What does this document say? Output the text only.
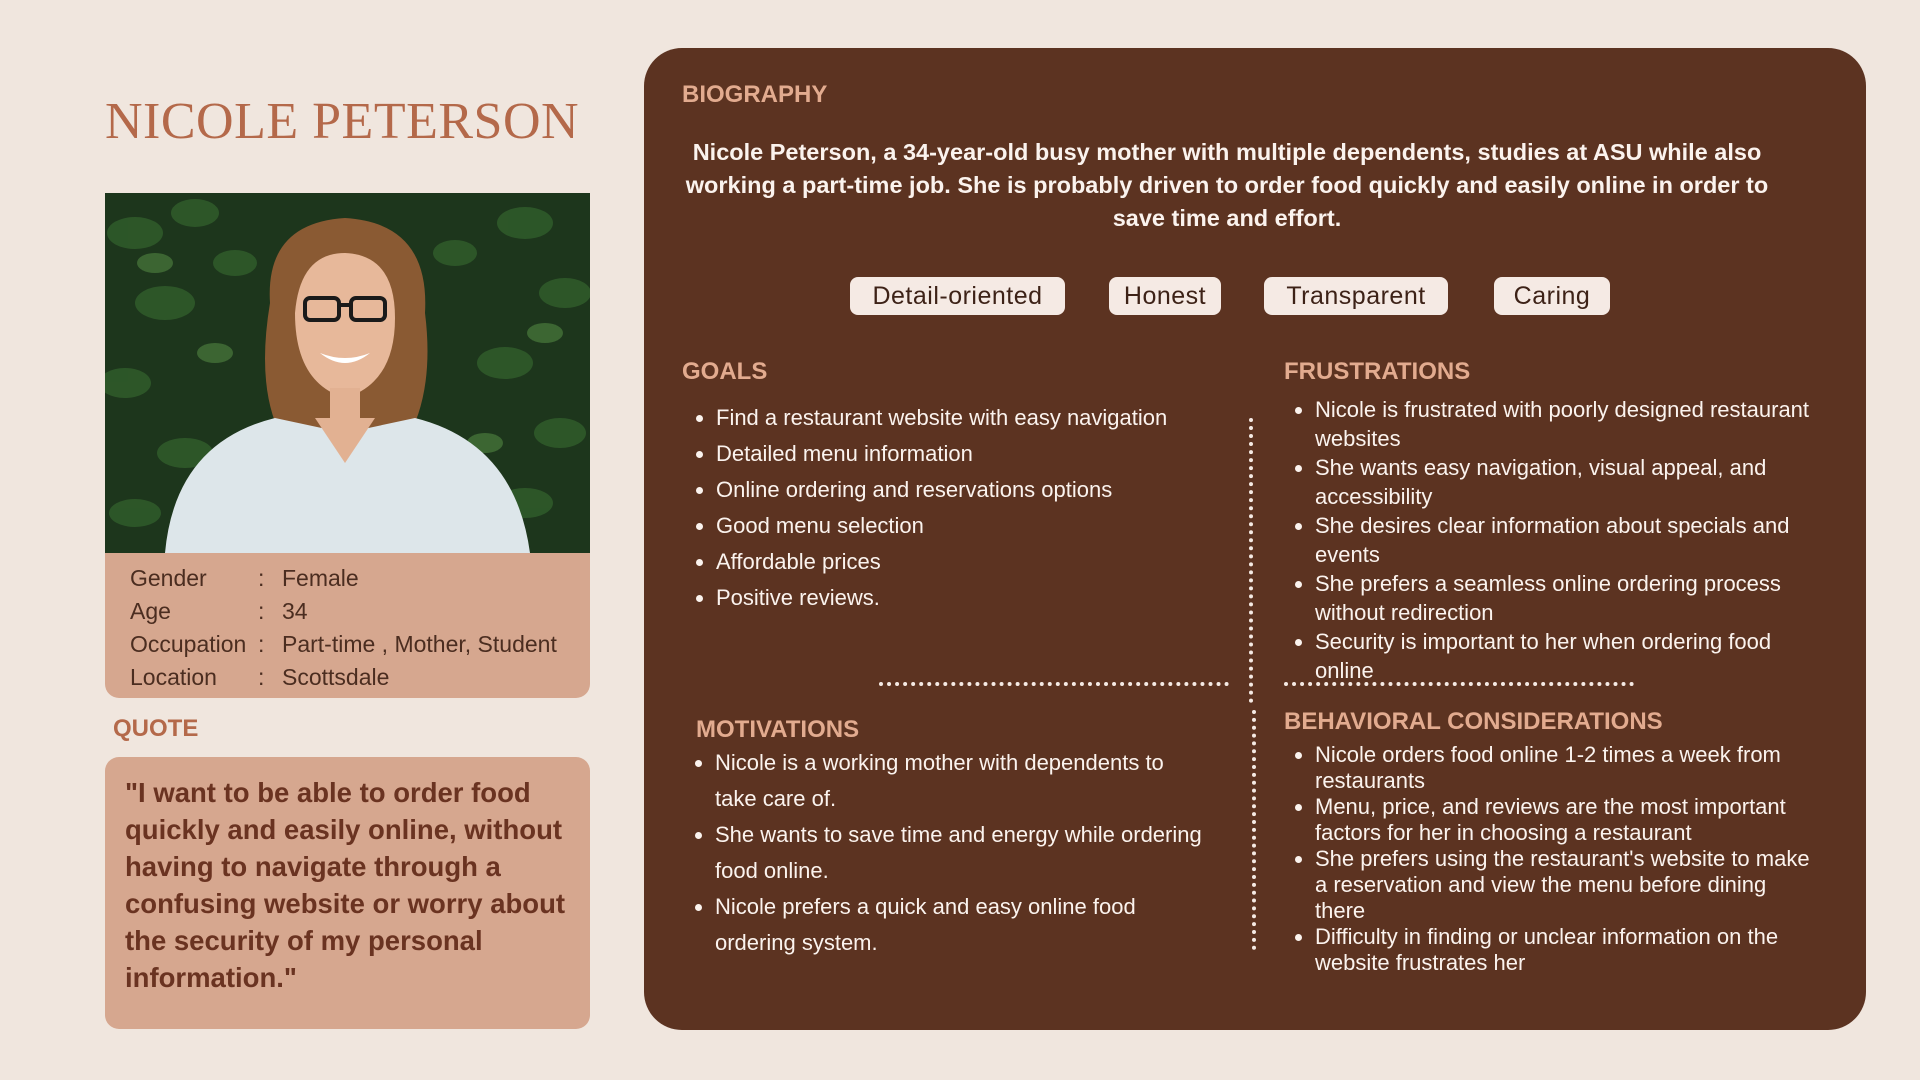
NICOLE PETERSON
Gender	: Female
Age	: 34
Occupation : Part-time , Mother, Student
Location	: Scottsdale
QUOTE

"I want to be able to order food quickly and easily online, without having to navigate through a confusing website or worry about the security of my personal information."

BIOGRAPHY

Nicole Peterson, a 34-year-old busy mother with multiple dependents, studies at ASU while also working a part-time job. She is probably driven to order food quickly and easily online in order to save time and effort.

Detail-oriented	Honest	Transparent	Caring
GOALS
Find a restaurant website with easy navigation
Detailed menu information
Online ordering and reservations options
Good menu selection
Affordable prices
Positive reviews.
FRUSTRATIONS
Nicole is frustrated with poorly designed restaurant websites
She wants easy navigation, visual appeal, and accessibility
She desires clear information about specials and events
She prefers a seamless online ordering process without redirection
Security is important to her when ordering food online
MOTIVATIONS
Nicole is a working mother with dependents to take care of.
She wants to save time and energy while ordering food online.
Nicole prefers a quick and easy online food ordering system.
BEHAVIORAL CONSIDERATIONS
Nicole orders food online 1-2 times a week from restaurants
Menu, price, and reviews are the most important factors for her in choosing a restaurant
She prefers using the restaurant's website to make a reservation and view the menu before dining there
Difficulty in finding or unclear information on the website frustrates her
